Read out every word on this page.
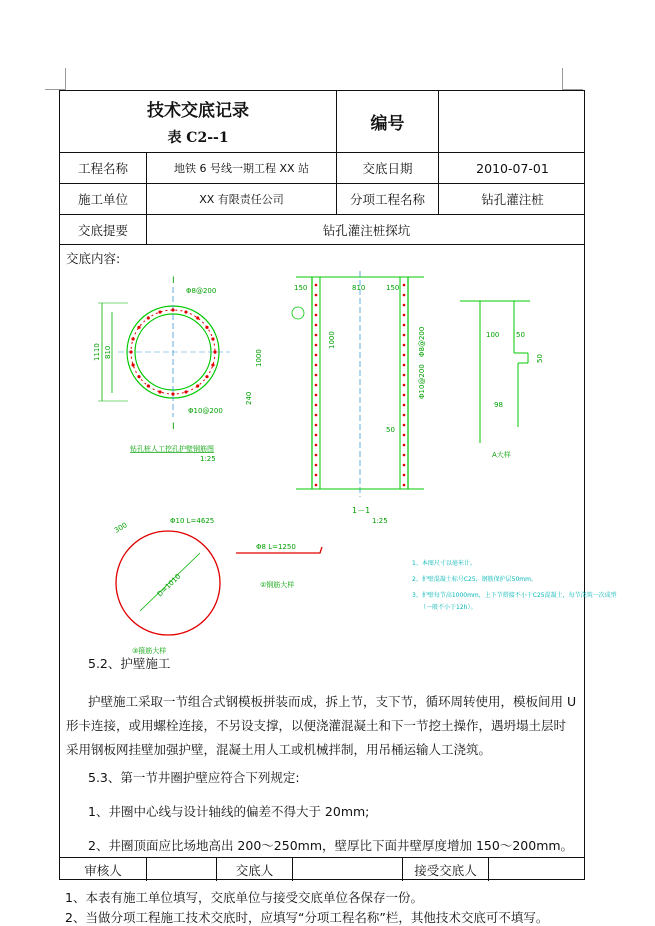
技术交底记录
表 C2--1
编号
工程名称	地铁 6 号线一期工程 XX 站	交底日期	2010-07-01
施工单位	XX 有限责任公司	分项工程名称	钻孔灌注桩
交底提要	钻孔灌注桩探坑
交底内容:
1110 810
I
I
Φ8@200
Φ10@200
钻孔桩人工挖孔护壁钢筋图
1:25
150	810	150
1000
1000
240
50
1－1
1:25
Φ8@200
Φ10@200
100 50
50
98
A大样
D=1010
300
Φ10 L=4625
③箍筋大样
Φ8 L=1250
②钢筋大样
1、本图尺寸以毫米计。
2、护壁混凝土标号C25，钢筋保护层50mm。
3、护壁每节高1000mm，上下节搭接不小于C25混凝土，每节浇筑一次成型
（一般不小于12h）。
5.2、护壁施工
护壁施工采取一节组合式钢模板拼装而成，拆上节，支下节，循环周转使用，模板间用 U 形卡连接，或用螺栓连接，不另设支撑，以便浇灌混凝土和下一节挖土操作，遇坍塌土层时采用钢板网挂壁加强护壁，混凝土用人工或机械拌制，用吊桶运输人工浇筑。
5.3、第一节井圈护壁应符合下列规定:
1、井圈中心线与设计轴线的偏差不得大于 20mm;
2、井圈顶面应比场地高出 200～250mm，壁厚比下面井壁厚度增加 150～200mm。
审核人	交底人	接受交底人
1、本表有施工单位填写，交底单位与接受交底单位各保存一份。
2、当做分项工程施工技术交底时，应填写“分项工程名称”栏，其他技术交底可不填写。
